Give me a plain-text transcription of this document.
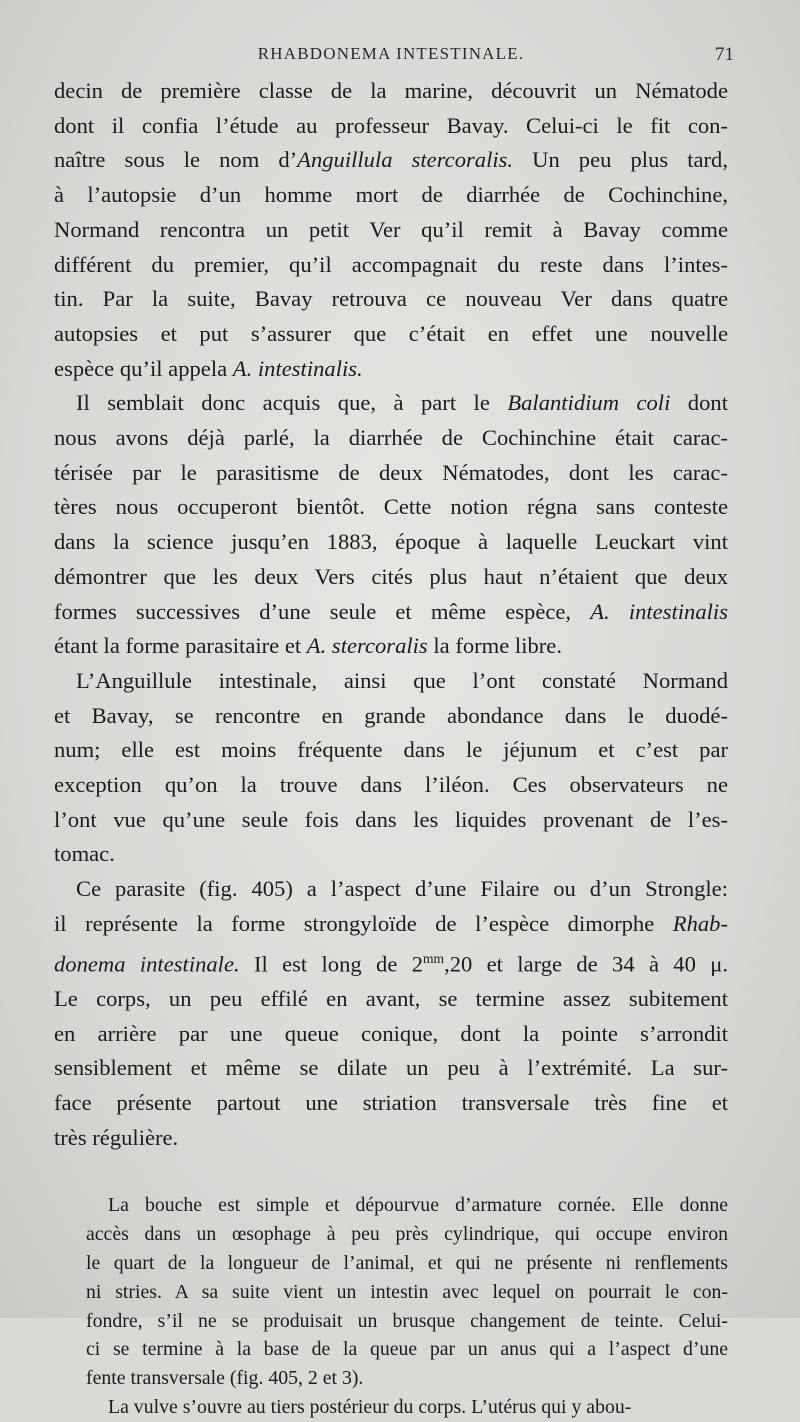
RHABDONEMA INTESTINALE.	71

decin de première classe de la marine, découvrit un Nématode
dont il confia l’étude au professeur Bavay. Celui-ci le fit con-
naître sous le nom d’Anguillula stercoralis. Un peu plus tard,
à l’autopsie d’un homme mort de diarrhée de Cochinchine,
Normand rencontra un petit Ver qu’il remit à Bavay comme
différent du premier, qu’il accompagnait du reste dans l’intes-
tin. Par la suite, Bavay retrouva ce nouveau Ver dans quatre
autopsies et put s’assurer que c’était en effet une nouvelle
espèce qu’il appela A. intestinalis.

Il semblait donc acquis que, à part le Balantidium coli dont
nous avons déjà parlé, la diarrhée de Cochinchine était carac-
térisée par le parasitisme de deux Nématodes, dont les carac-
tères nous occuperont bientôt. Cette notion régna sans conteste
dans la science jusqu’en 1883, époque à laquelle Leuckart vint
démontrer que les deux Vers cités plus haut n’étaient que deux
formes successives d’une seule et même espèce, A. intestinalis
étant la forme parasitaire et A. stercoralis la forme libre.

L’Anguillule intestinale, ainsi que l’ont constaté Normand
et Bavay, se rencontre en grande abondance dans le duodé-
num; elle est moins fréquente dans le jéjunum et c’est par
exception qu’on la trouve dans l’iléon. Ces observateurs ne
l’ont vue qu’une seule fois dans les liquides provenant de l’es-
tomac.

Ce parasite (fig. 405) a l’aspect d’une Filaire ou d’un Strongle:
il représente la forme strongyloïde de l’espèce dimorphe Rhab-
donema intestinale. Il est long de $2^{mm},20$ et large de 34 à 40 μ.
Le corps, un peu effilé en avant, se termine assez subitement
en arrière par une queue conique, dont la pointe s’arrondit
sensiblement et même se dilate un peu à l’extrémité. La sur-
face présente partout une striation transversale très fine et
très régulière.

La bouche est simple et dépourvue d’armature cornée. Elle donne
accès dans un œsophage à peu près cylindrique, qui occupe environ
le quart de la longueur de l’animal, et qui ne présente ni renflements
ni stries. A sa suite vient un intestin avec lequel on pourrait le con-
fondre, s’il ne se produisait un brusque changement de teinte. Celui-
ci se termine à la base de la queue par un anus qui a l’aspect d’une
fente transversale (fig. 405, 2 et 3).

La vulve s’ouvre au tiers postérieur du corps. L’utérus qui y abou-
